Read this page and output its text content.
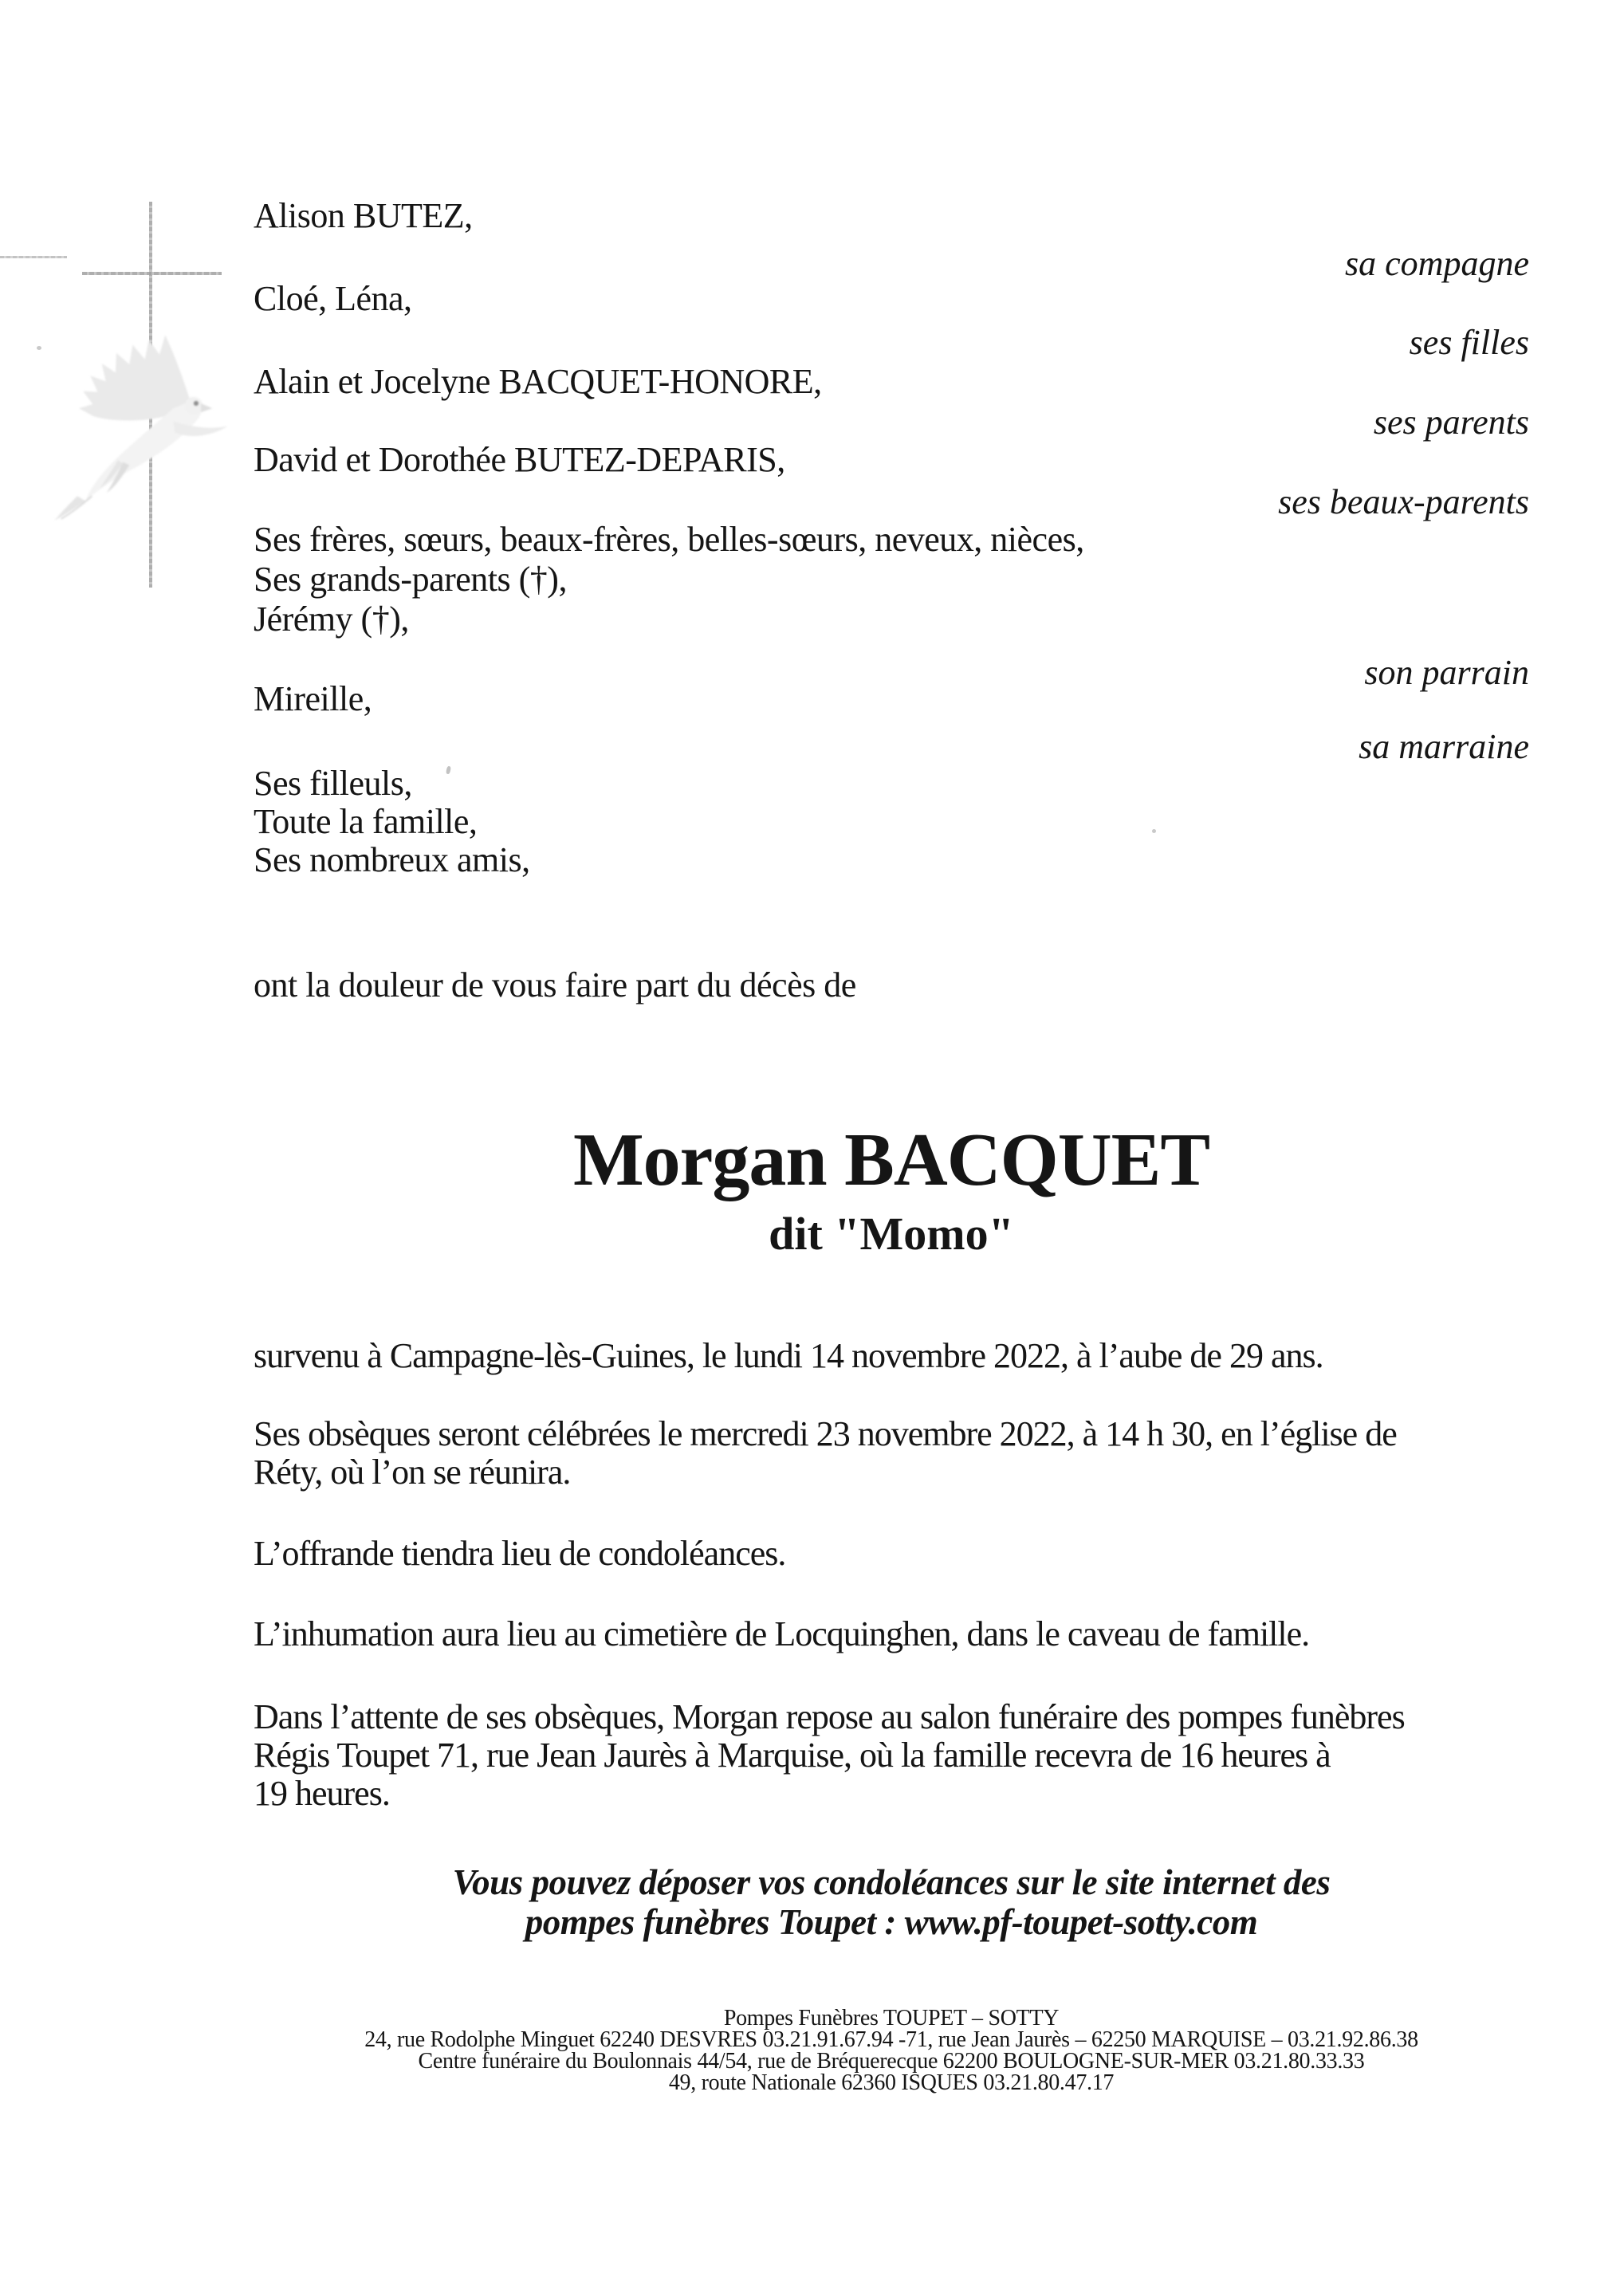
Alison BUTEZ,
Cloé, Léna,
Alain et Jocelyne BACQUET-HONORE,
David et Dorothée BUTEZ-DEPARIS,
Ses frères, sœurs, beaux-frères, belles-sœurs, neveux, nièces,
Ses grands-parents (†),
Jérémy (†),
Mireille,
Ses filleuls,
Toute la famille,
Ses nombreux amis,
sa compagne
ses filles
ses parents
ses beaux-parents
son parrain
sa marraine
ont la douleur de vous faire part du décès de
Morgan BACQUET
dit "Momo"
survenu à Campagne-lès-Guines, le lundi 14 novembre 2022, à l’aube de 29 ans.
Ses obsèques seront célébrées le mercredi 23 novembre 2022, à 14 h 30, en l’église de
Réty, où l’on se réunira.
L’offrande tiendra lieu de condoléances.
L’inhumation aura lieu au cimetière de Locquinghen, dans le caveau de famille.
Dans l’attente de ses obsèques, Morgan repose au salon funéraire des pompes funèbres
Régis Toupet 71, rue Jean Jaurès à Marquise, où la famille recevra de 16 heures à
19 heures.
Vous pouvez déposer vos condoléances sur le site internet des
pompes funèbres Toupet : www.pf-toupet-sotty.com
Pompes Funèbres TOUPET – SOTTY
24, rue Rodolphe Minguet 62240 DESVRES 03.21.91.67.94 -71, rue Jean Jaurès – 62250 MARQUISE – 03.21.92.86.38
Centre funéraire du Boulonnais 44/54, rue de Bréquerecque 62200 BOULOGNE-SUR-MER 03.21.80.33.33
49, route Nationale 62360 ISQUES 03.21.80.47.17
